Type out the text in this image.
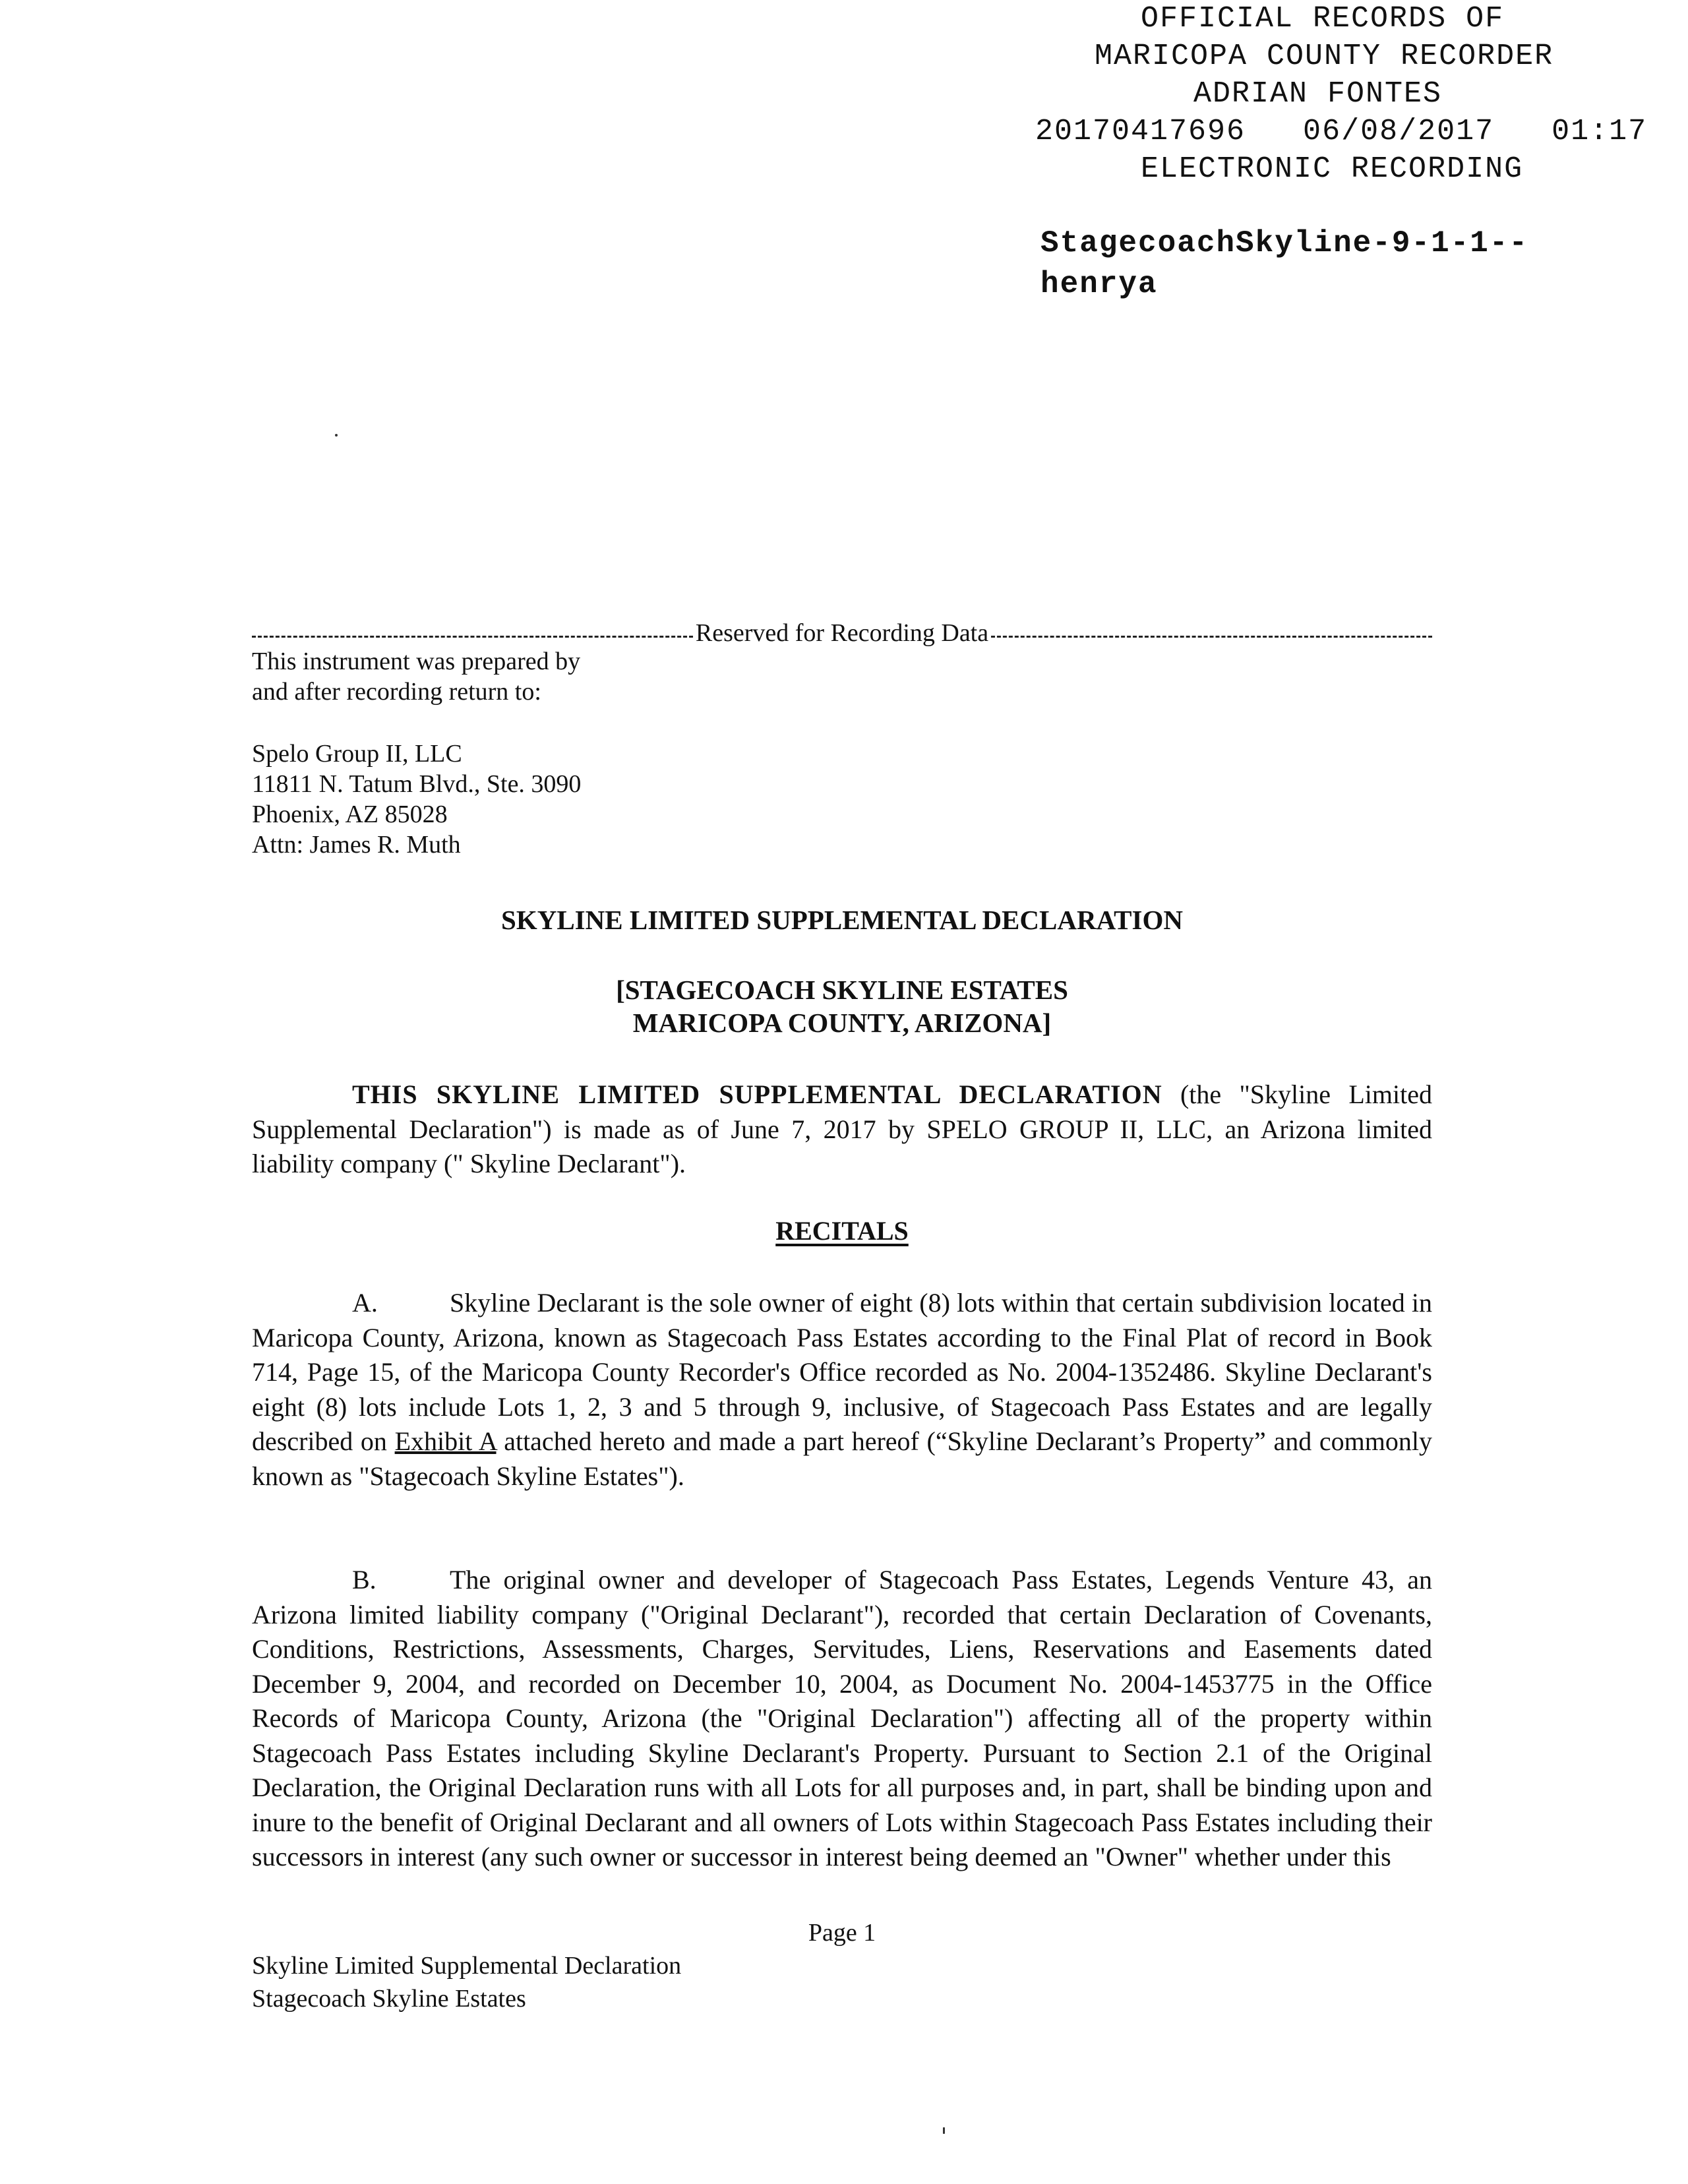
OFFICIAL RECORDS OF
MARICOPA COUNTY RECORDER
ADRIAN FONTES
20170417696   06/08/2017   01:17
ELECTRONIC RECORDING
StagecoachSkyline-9-1-1--
henrya
Reserved for Recording Data
This instrument was prepared by
and after recording return to:
Spelo Group II, LLC
11811 N. Tatum Blvd., Ste. 3090
Phoenix, AZ 85028
Attn: James R. Muth
SKYLINE LIMITED SUPPLEMENTAL DECLARATION
[STAGECOACH SKYLINE ESTATES
MARICOPA COUNTY, ARIZONA]
THIS SKYLINE LIMITED SUPPLEMENTAL DECLARATION (the "Skyline Limited Supplemental Declaration") is made as of June 7, 2017 by SPELO GROUP II, LLC, an Arizona limited liability company (" Skyline Declarant").
RECITALS
A.	Skyline Declarant is the sole owner of eight (8) lots within that certain subdivision located in Maricopa County, Arizona, known as Stagecoach Pass Estates according to the Final Plat of record in Book 714, Page 15, of the Maricopa County Recorder's Office recorded as No. 2004-1352486. Skyline Declarant's eight (8) lots include Lots 1, 2, 3 and 5 through 9, inclusive, of Stagecoach Pass Estates and are legally described on Exhibit A attached hereto and made a part hereof (“Skyline Declarant’s Property” and commonly known as "Stagecoach Skyline Estates").
B.	The original owner and developer of Stagecoach Pass Estates, Legends Venture 43, an Arizona limited liability company ("Original Declarant"), recorded that certain Declaration of Covenants, Conditions, Restrictions, Assessments, Charges, Servitudes, Liens, Reservations and Easements dated December 9, 2004, and recorded on December 10, 2004, as Document No. 2004-1453775 in the Office Records of Maricopa County, Arizona (the "Original Declaration") affecting all of the property within Stagecoach Pass Estates including Skyline Declarant's Property. Pursuant to Section 2.1 of the Original Declaration, the Original Declaration runs with all Lots for all purposes and, in part, shall be binding upon and inure to the benefit of Original Declarant and all owners of Lots within Stagecoach Pass Estates including their successors in interest (any such owner or successor in interest being deemed an "Owner" whether under this
Page 1
Skyline Limited Supplemental Declaration
Stagecoach Skyline Estates
